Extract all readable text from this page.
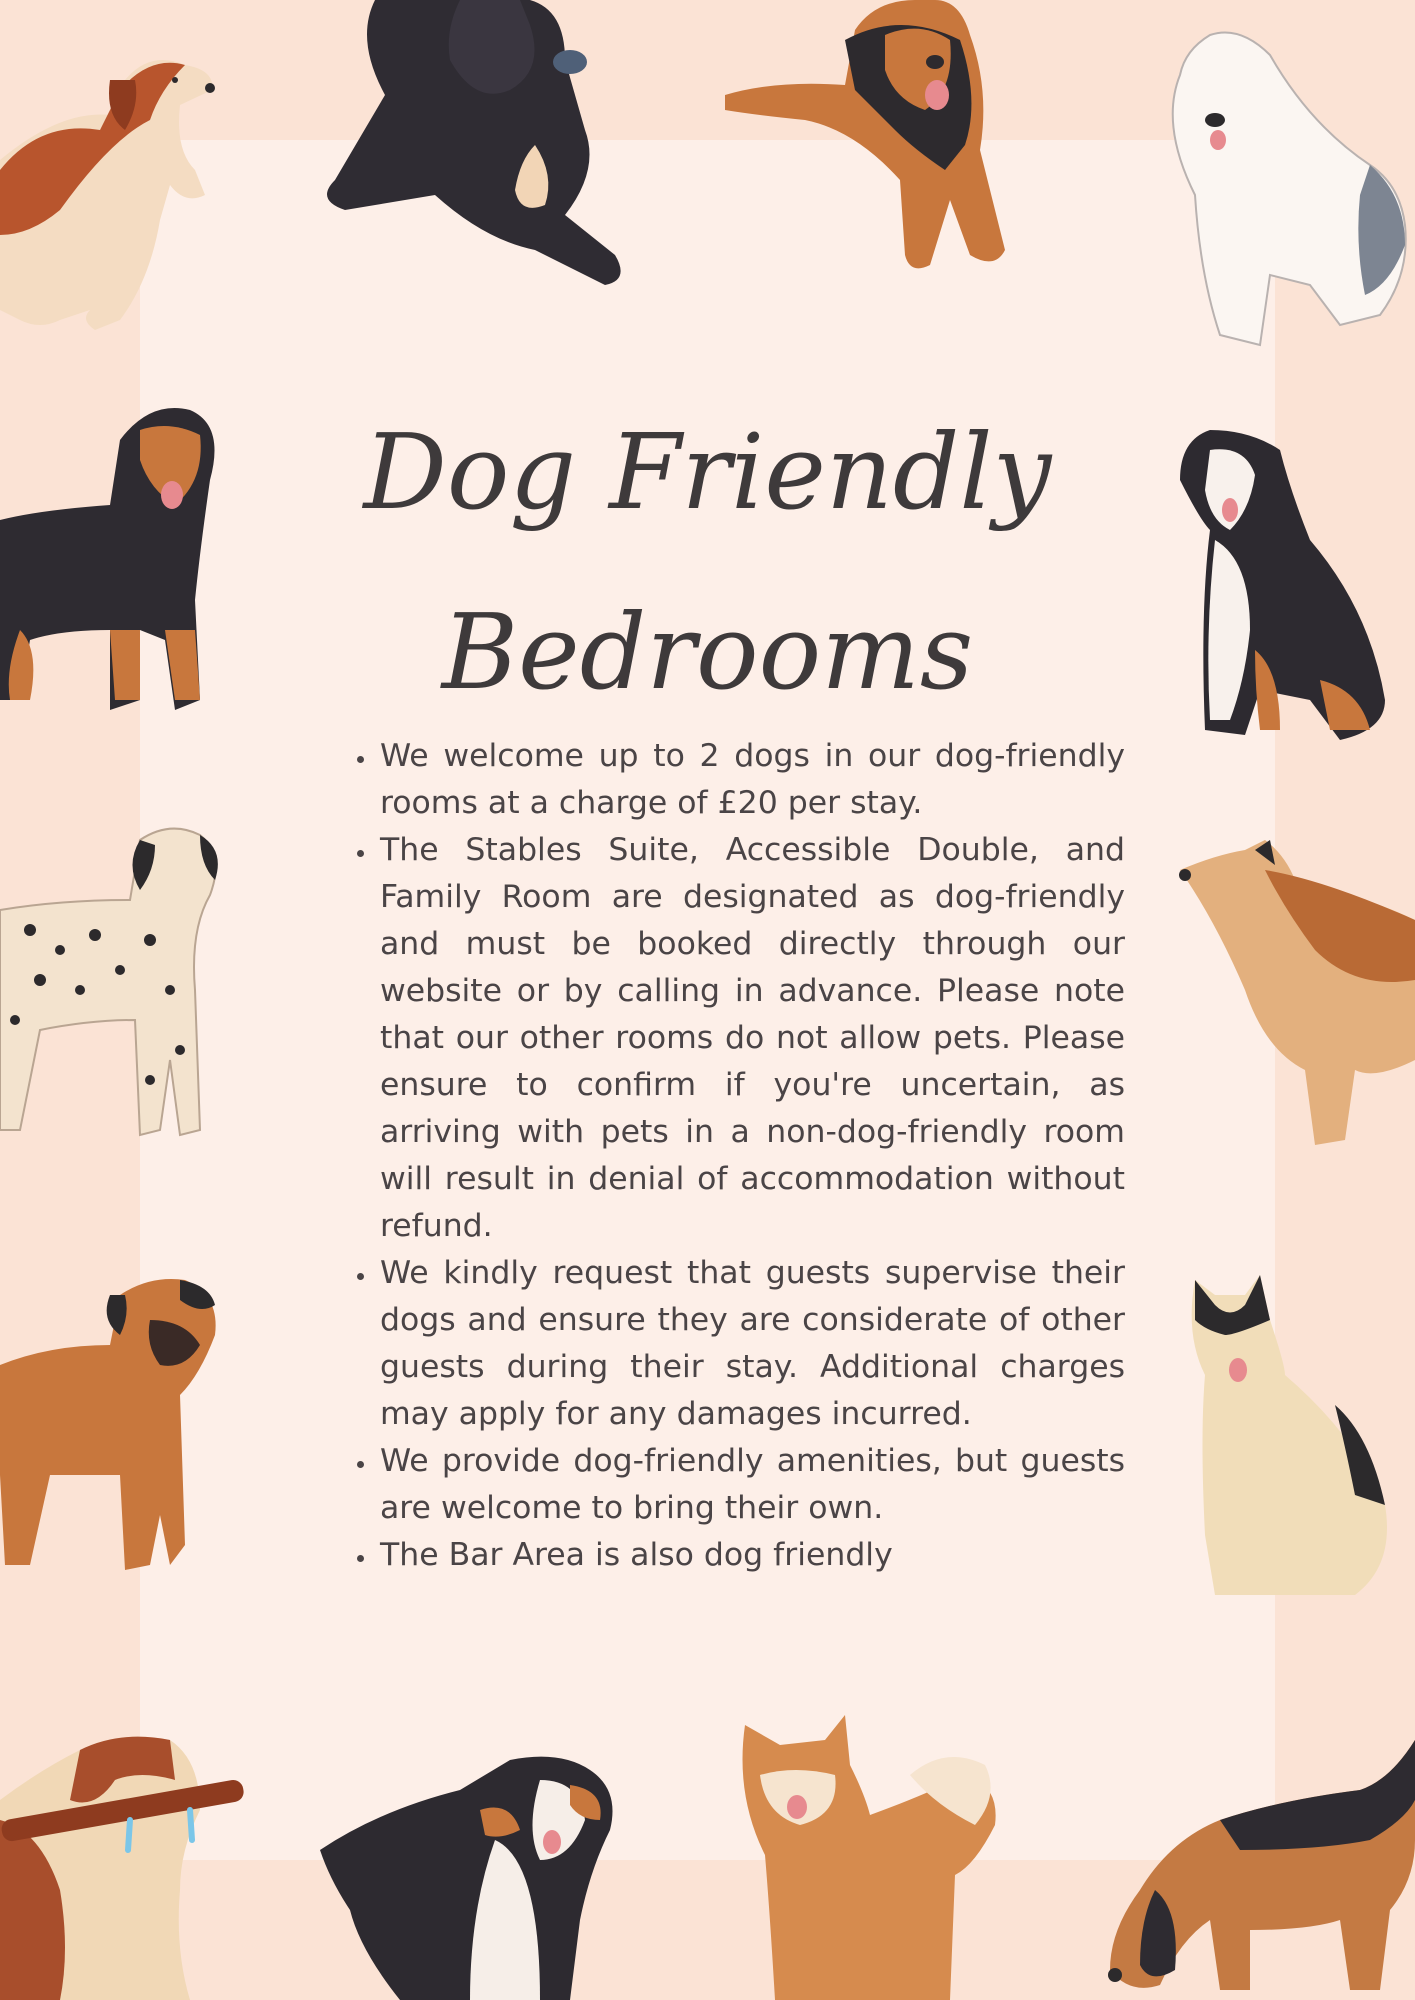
Dog Friendly
Bedrooms
• We welcome up to 2 dogs in our dog-friendly rooms at a charge of £20 per stay.
• The Stables Suite, Accessible Double, and Family Room are designated as dog-friendly and must be booked directly through our website or by calling in advance. Please note that our other rooms do not allow pets. Please ensure to confirm if you're uncertain, as arriving with pets in a non-dog-friendly room will result in denial of accommodation without refund.
• We kindly request that guests supervise their dogs and ensure they are considerate of other guests during their stay. Additional charges may apply for any damages incurred.
• We provide dog-friendly amenities, but guests are welcome to bring their own.
• The Bar Area is also dog friendly
